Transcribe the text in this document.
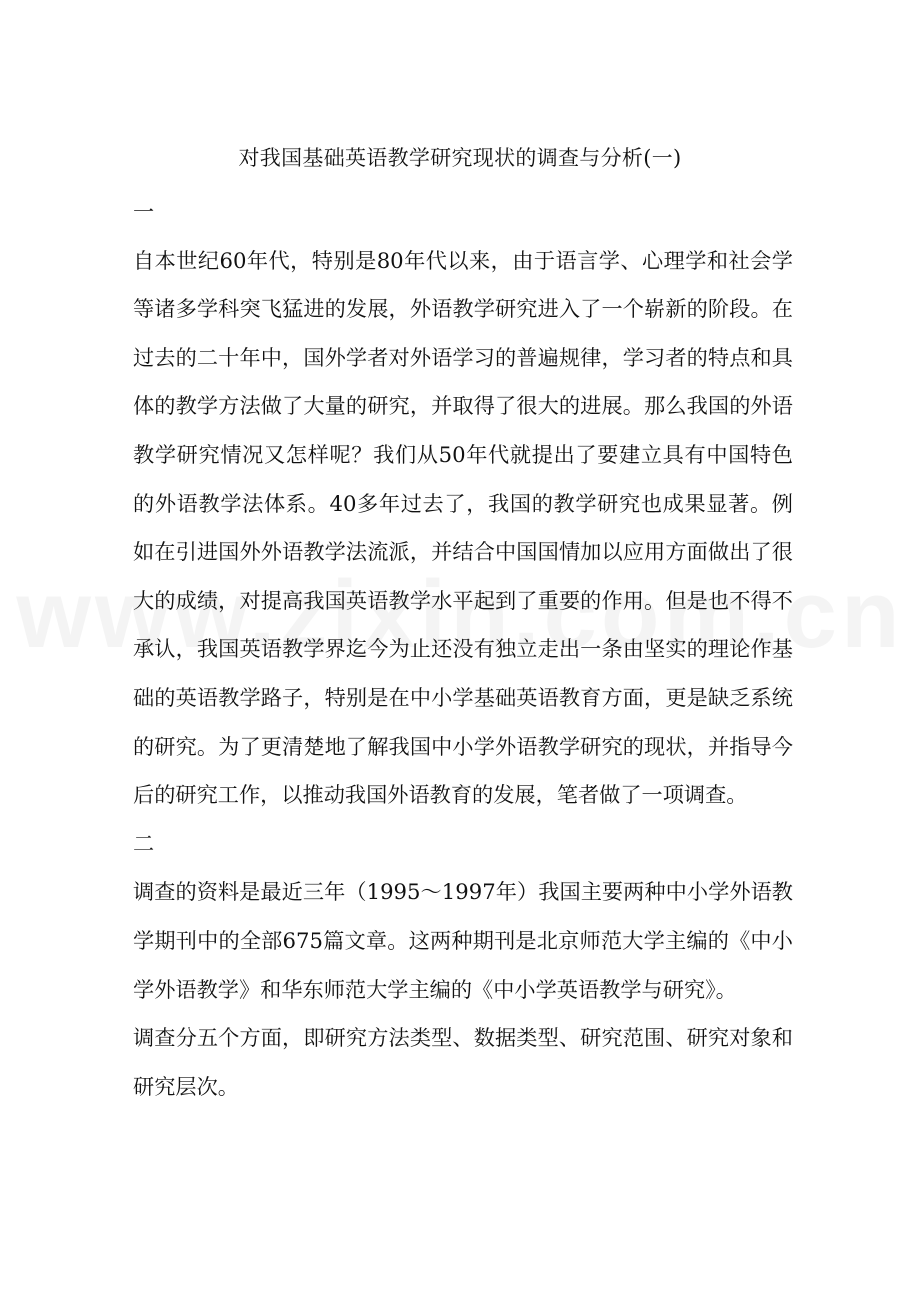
对我国基础英语教学研究现状的调查与分析(一)

一

自本世纪60年代，特别是80年代以来，由于语言学、心理学和社会学等诸多学科突飞猛进的发展，外语教学研究进入了一个崭新的阶段。在过去的二十年中，国外学者对外语学习的普遍规律，学习者的特点和具体的教学方法做了大量的研究，并取得了很大的进展。那么我国的外语教学研究情况又怎样呢？我们从50年代就提出了要建立具有中国特色的外语教学法体系。40多年过去了，我国的教学研究也成果显著。例如在引进国外外语教学法流派，并结合中国国情加以应用方面做出了很大的成绩，对提高我国英语教学水平起到了重要的作用。但是也不得不承认，我国英语教学界迄今为止还没有独立走出一条由坚实的理论作基础的英语教学路子，特别是在中小学基础英语教育方面，更是缺乏系统的研究。为了更清楚地了解我国中小学外语教学研究的现状，并指导今后的研究工作，以推动我国外语教育的发展，笔者做了一项调查。

二

调查的资料是最近三年（1995～1997年）我国主要两种中小学外语教学期刊中的全部675篇文章。这两种期刊是北京师范大学主编的《中小学外语教学》和华东师范大学主编的《中小学英语教学与研究》。

调查分五个方面，即研究方法类型、数据类型、研究范围、研究对象和研究层次。
